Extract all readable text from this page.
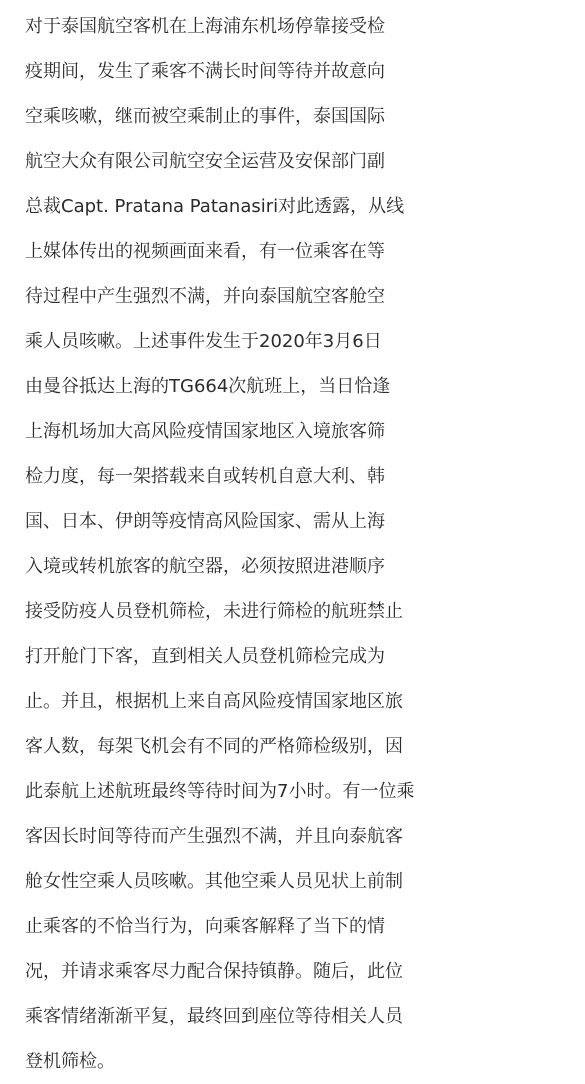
对于泰国航空客机在上海浦东机场停靠接受检
疫期间，发生了乘客不满长时间等待并故意向
空乘咳嗽，继而被空乘制止的事件，泰国国际
航空大众有限公司航空安全运营及安保部门副
总裁Capt. Pratana Patanasiri对此透露，从线
上媒体传出的视频画面来看，有一位乘客在等
待过程中产生强烈不满，并向泰国航空客舱空
乘人员咳嗽。上述事件发生于2020年3月6日
由曼谷抵达上海的TG664次航班上，当日恰逢
上海机场加大高风险疫情国家地区入境旅客筛
检力度，每一架搭载来自或转机自意大利、韩
国、日本、伊朗等疫情高风险国家、需从上海
入境或转机旅客的航空器，必须按照进港顺序
接受防疫人员登机筛检，未进行筛检的航班禁止
打开舱门下客，直到相关人员登机筛检完成为
止。并且，根据机上来自高风险疫情国家地区旅
客人数，每架飞机会有不同的严格筛检级别，因
此泰航上述航班最终等待时间为7小时。有一位乘
客因长时间等待而产生强烈不满，并且向泰航客
舱女性空乘人员咳嗽。其他空乘人员见状上前制
止乘客的不恰当行为，向乘客解释了当下的情
况，并请求乘客尽力配合保持镇静。随后，此位
乘客情绪渐渐平复，最终回到座位等待相关人员
登机筛检。
